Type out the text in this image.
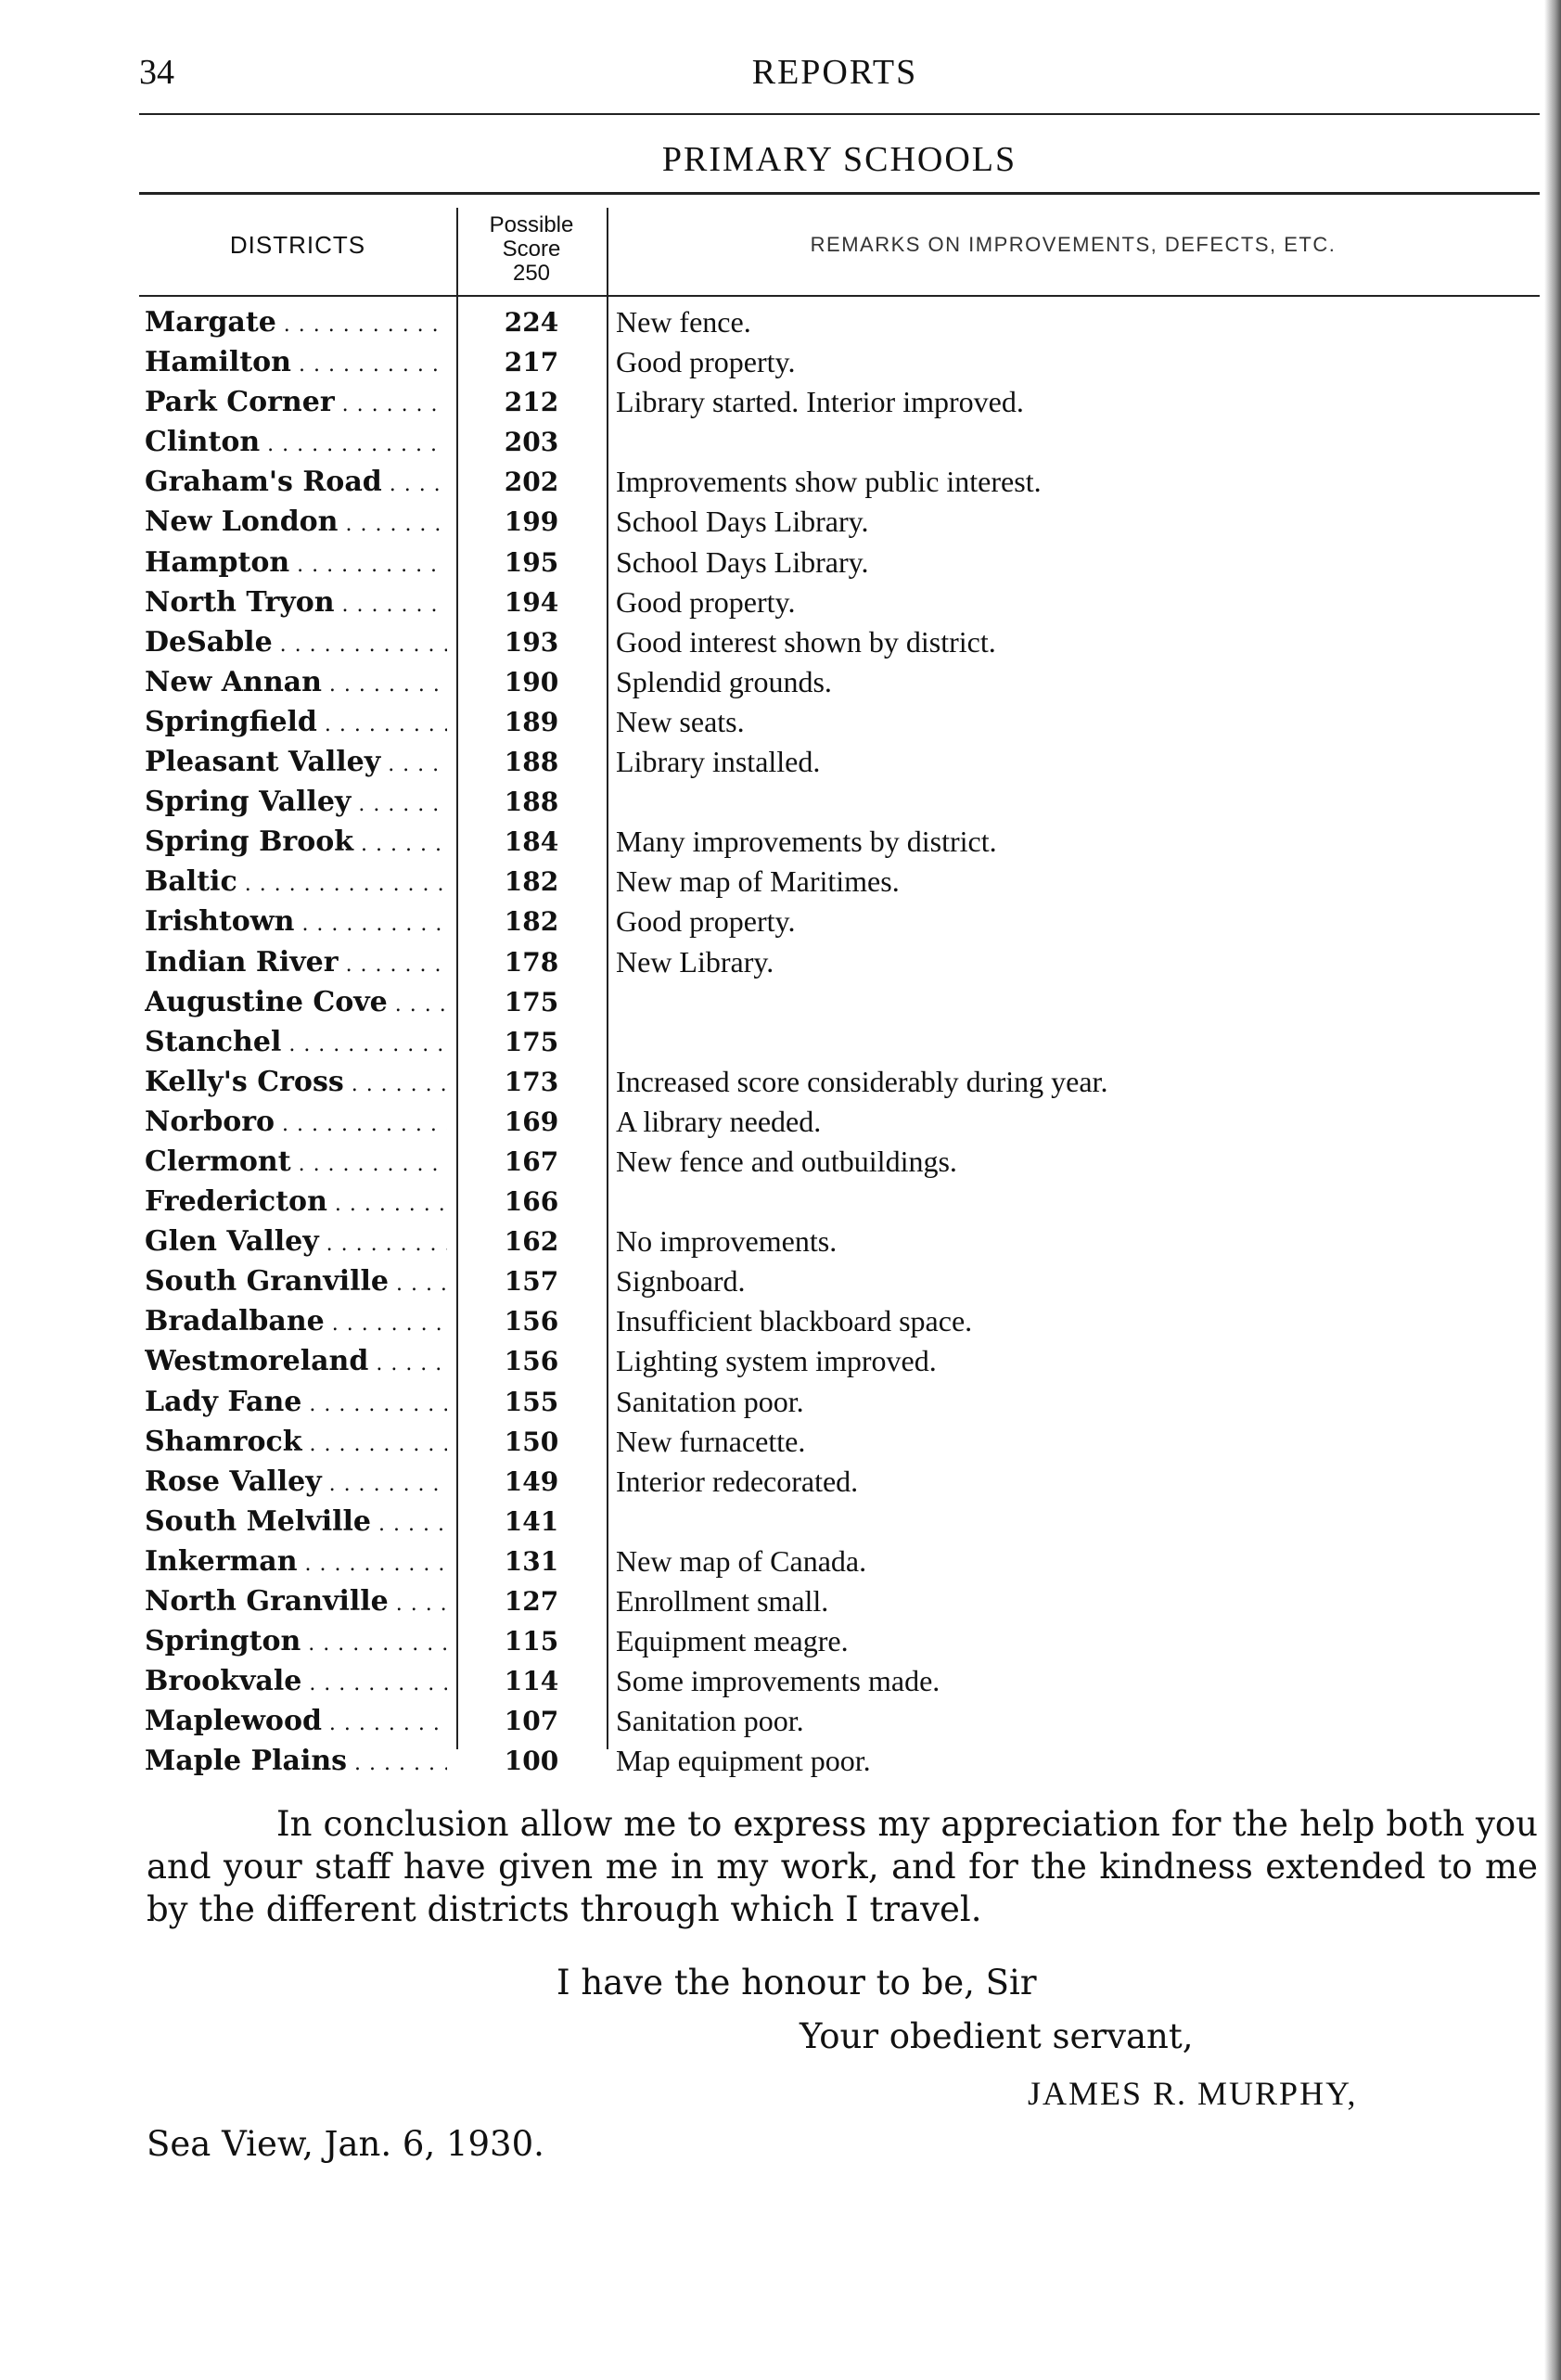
34	REPORTS
PRIMARY SCHOOLS
DISTRICTS
Possible
Score
250
REMARKS ON IMPROVEMENTS, DEFECTS, ETC.
Margate . . .	224	New fence.
Hamilton . . .	217	Good property.
Park Corner . . .	212	Library started. Interior improved.
Clinton . . .	203
Graham's Road . . .	202	Improvements show public interest.
New London . . .	199	School Days Library.
Hampton . . .	195	School Days Library.
North Tryon . . .	194	Good property.
DeSable . . .	193	Good interest shown by district.
New Annan . . .	190	Splendid grounds.
Springfield . . .	189	New seats.
Pleasant Valley . . .	188	Library installed.
Spring Valley . . .	188
Spring Brook . . .	184	Many improvements by district.
Baltic . . .	182	New map of Maritimes.
Irishtown . . .	182	Good property.
Indian River . . .	178	New Library.
Augustine Cove . . .	175
Stanchel . . .	175
Kelly's Cross . . .	173	Increased score considerably during year.
Norboro . . .	169	A library needed.
Clermont . . .	167	New fence and outbuildings.
Fredericton . . .	166
Glen Valley . . .	162	No improvements.
South Granville . . .	157	Signboard.
Bradalbane . . .	156	Insufficient blackboard space.
Westmoreland . . .	156	Lighting system improved.
Lady Fane . . .	155	Sanitation poor.
Shamrock . . .	150	New furnacette.
Rose Valley . . .	149	Interior redecorated.
South Melville . . .	141
Inkerman . . .	131	New map of Canada.
North Granville . . .	127	Enrollment small.
Springton . . .	115	Equipment meagre.
Brookvale . . .	114	Some improvements made.
Maplewood . . .	107	Sanitation poor.
Maple Plains . . .	100	Map equipment poor.

In conclusion allow me to express my appreciation for the help both you and your staff have given me in my work, and for the kindness extended to me by the different districts through which I travel.

I have the honour to be, Sir
Your obedient servant,
JAMES R. MURPHY,
Sea View, Jan. 6, 1930.
